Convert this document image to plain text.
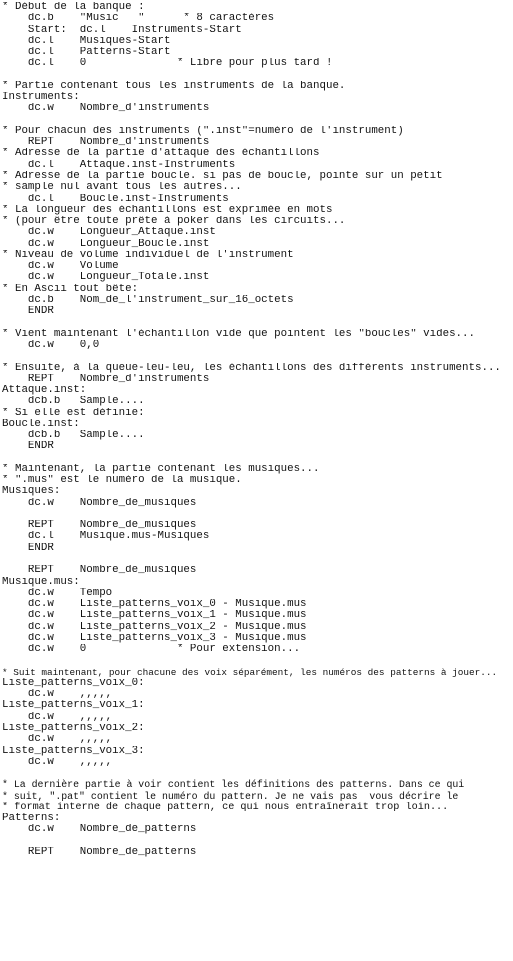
* Début de la banque :
dc.b    "Music   "      * 8 caractères
Start:  dc.l    Instruments-Start
dc.l    Musiques-Start
dc.l    Patterns-Start
dc.l    0              * Libre pour plus tard !
* Partie contenant tous les instruments de la banque.
Instruments:
dc.w    Nombre_d'instruments
* Pour chacun des instruments (".inst"=numéro de l'instrument)
REPT    Nombre_d'instruments
* Adresse de la partie d'attaque des échantillons
dc.l    Attaque.inst-Instruments
* Adresse de la partie boucle. si pas de boucle, pointe sur un petit
* sample nul avant tous les autres...
dc.l    Boucle.inst-Instruments
* La longueur des échantillons est exprimée en mots
* (pour être toute prête à poker dans les circuits...
dc.w    Longueur_Attaque.inst
dc.w    Longueur_Boucle.inst
* Niveau de volume individuel de l'instrument
dc.w    Volume
dc.w    Longueur_Totale.inst
* En Ascii tout bête:
dc.b    Nom_de_l'instrument_sur_16_octets
ENDR
* Vient maintenant l'échantillon vide que pointent les "boucles" vides...
dc.w    0,0
* Ensuite, à la queue-leu-leu, les échantillons des différents instruments...
REPT    Nombre_d'instruments
Attaque.inst:
dcb.b   Sample....
* Si elle est définie:
Boucle.inst:
dcb.b   Sample....
ENDR
* Maintenant, la partie contenant les musiques...
* ".mus" est le numéro de la musique.
Musiques:
dc.w    Nombre_de_musiques
REPT    Nombre_de_musiques
dc.l    Musique.mus-Musiques
ENDR
REPT    Nombre_de_musiques
Musique.mus:
dc.w    Tempo
dc.w    Liste_patterns_voix_0 - Musique.mus
dc.w    Liste_patterns_voix_1 - Musique.mus
dc.w    Liste_patterns_voix_2 - Musique.mus
dc.w    Liste_patterns_voix_3 - Musique.mus
dc.w    0              * Pour extension...
* Suit maintenant, pour chacune des voix séparément, les numéros des patterns à jouer...
Liste_patterns_voix_0:
dc.w    ,,,,,
Liste_patterns_voix_1:
dc.w    ,,,,,
Liste_patterns_voix_2:
dc.w    ,,,,,
Liste_patterns_voix_3:
dc.w    ,,,,,
* La dernière partie à voir contient les définitions des patterns. Dans ce qui
* suit, ".pat" contient le numéro du pattern. Je ne vais pas  vous décrire le
* format interne de chaque pattern, ce qui nous entraînerait trop loin...
Patterns:
dc.w    Nombre_de_patterns
REPT    Nombre_de_patterns
